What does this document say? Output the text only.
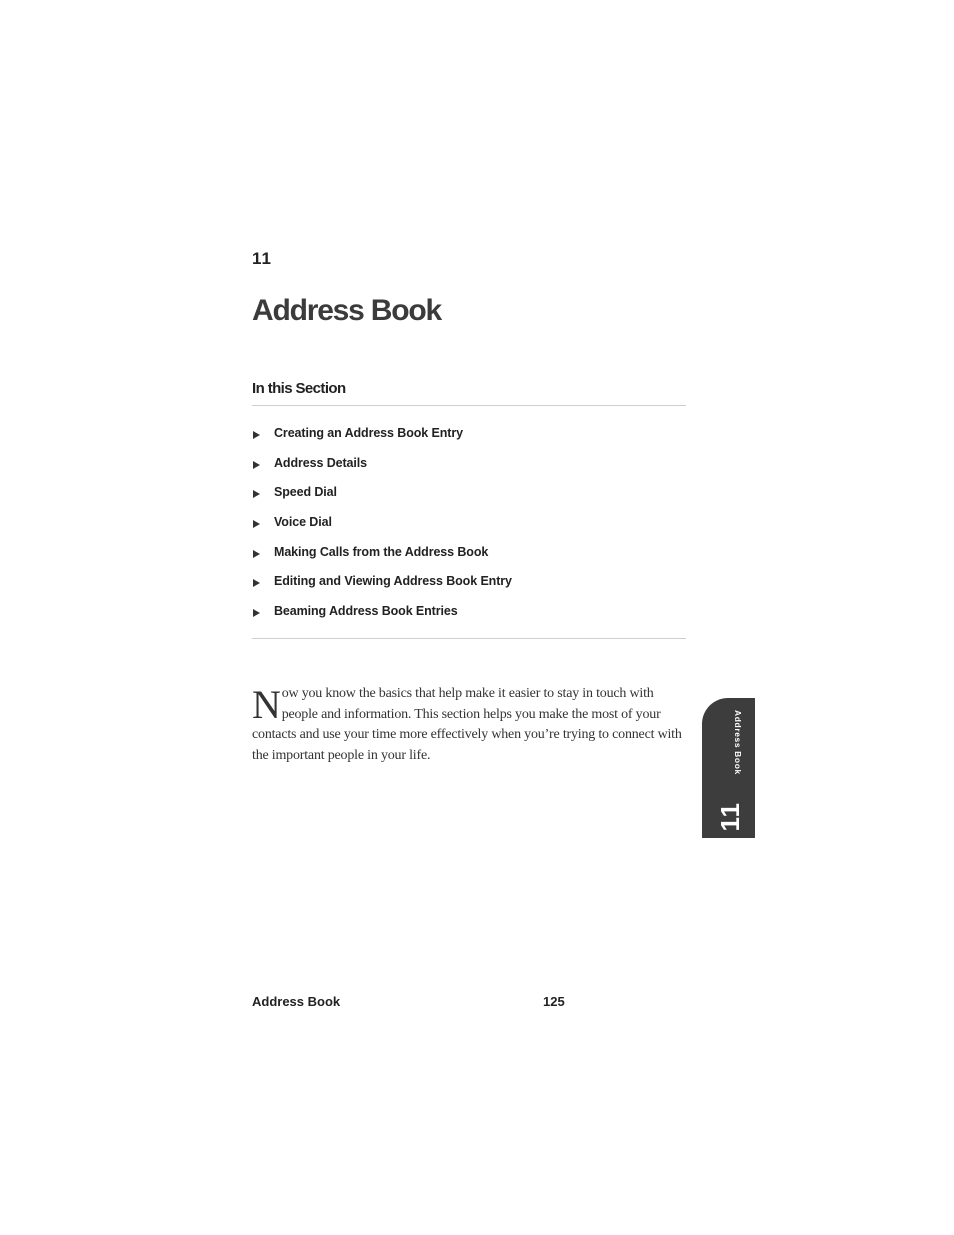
11
Address Book
In this Section
Creating an Address Book Entry
Address Details
Speed Dial
Voice Dial
Making Calls from the Address Book
Editing and Viewing Address Book Entry
Beaming Address Book Entries

Now you know the basics that help make it easier to stay in touch with people and information. This section helps you make the most of your contacts and use your time more effectively when you’re trying to connect with the important people in your life.	Address Book
11
Address Book	125
